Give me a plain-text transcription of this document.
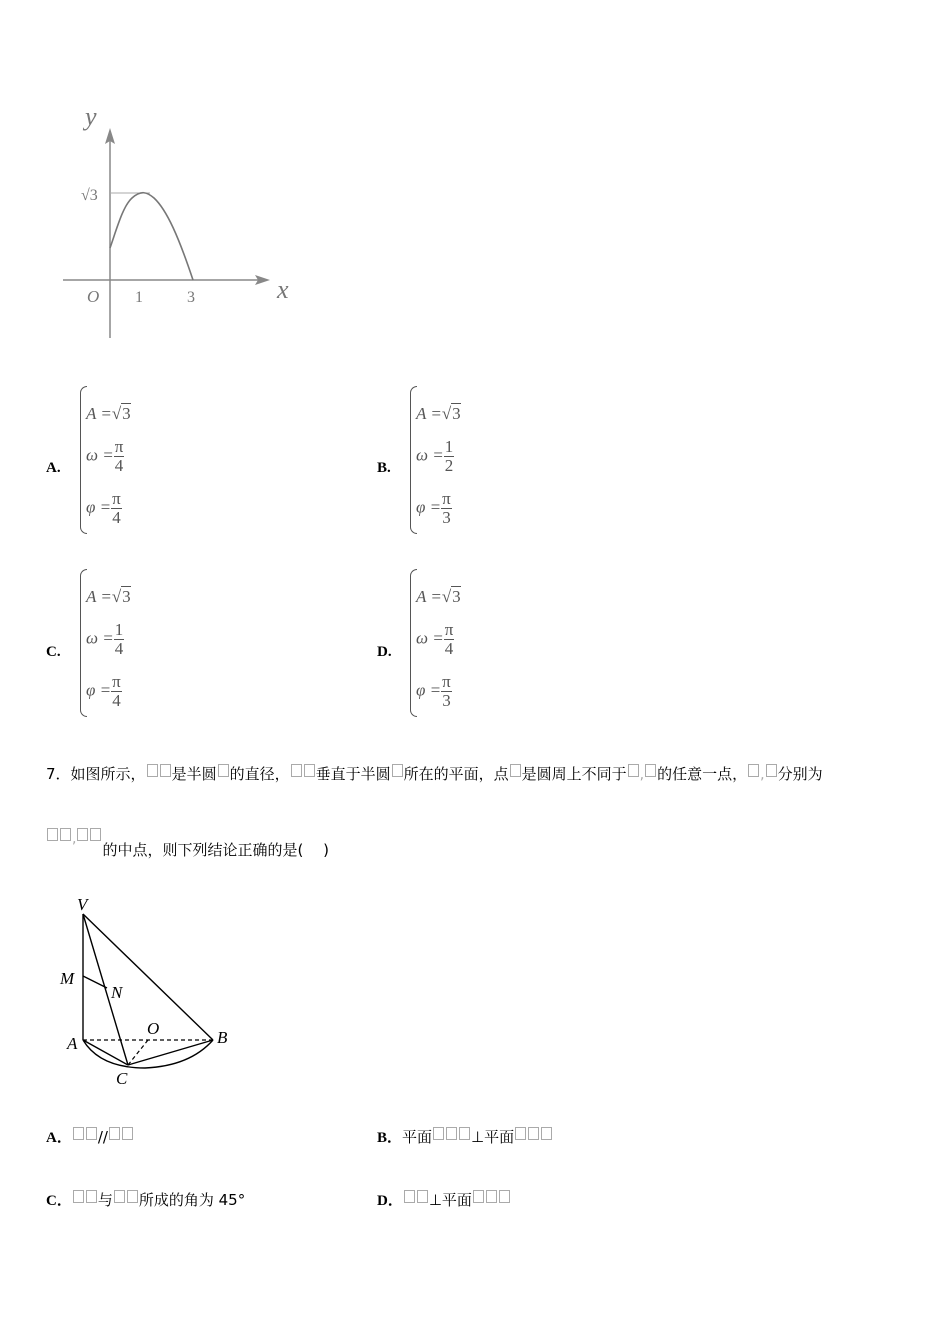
y
x
O 1	3
√3
A.
A =√3
$\omega = \frac{\pi}{4}$
$\varphi = \frac{\pi}{4}$
B.
A =√3
$\omega = \frac{1}{2}$
$\varphi = \frac{\pi}{3}$
C.
A =√3
$\omega = \frac{1}{4}$
$\varphi = \frac{\pi}{4}$
D.
A =√3
$\omega = \frac{\pi}{4}$
$\varphi = \frac{\pi}{3}$
7．如图所示， 是半圆 的直径， 垂直于半圆 所在的平面，点 是圆周上不同于 , 的任意一点， , 分别为
,的中点，则下列结论正确的是(　 )
V
M
N
O
A	B
C
A． //	B．平面	⊥平面
C． 与 所成的角为 45°	D． ⊥平面
